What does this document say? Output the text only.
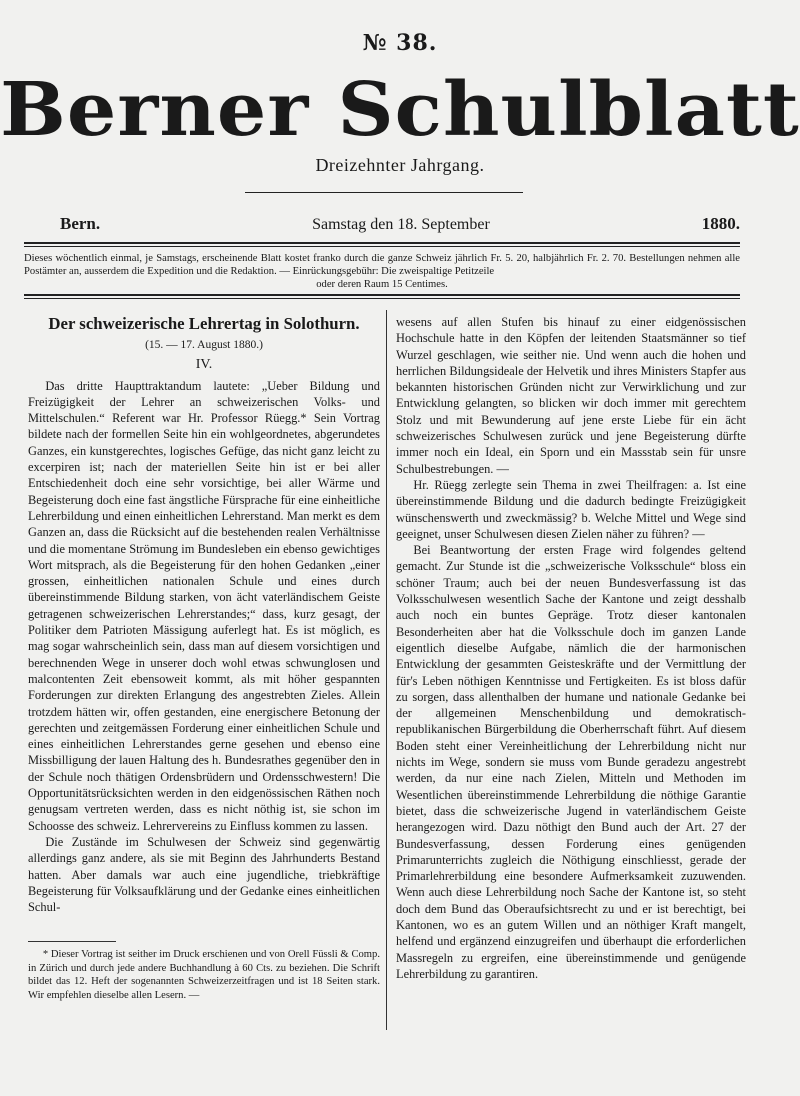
№ 38.
Berner Schulblatt
Dreizehnter Jahrgang.
Bern.	Samstag den 18. September	1880.
Dieses wöchentlich einmal, je Samstags, erscheinende Blatt kostet franko durch die ganze Schweiz jährlich Fr. 5. 20, halbjährlich Fr. 2. 70. Bestellungen nehmen alle Postämter an, ausserdem die Expedition und die Redaktion. — Einrückungsgebühr: Die zweispaltige Petitzeile
oder deren Raum 15 Centimes.
Der schweizerische Lehrertag in Solothurn.
(15. — 17. August 1880.)
IV.

Das dritte Haupttraktandum lautete: „Ueber Bildung und Freizügigkeit der Lehrer an schweizerischen Volks- und Mittelschulen.“ Referent war Hr. Professor Rüegg.* Sein Vortrag bildete nach der formellen Seite hin ein wohlgeordnetes, abgerundetes Ganzes, ein kunstgerechtes, logisches Gefüge, das nicht ganz leicht zu excerpiren ist; nach der materiellen Seite hin ist er bei aller Entschiedenheit doch eine sehr vorsichtige, bei aller Wärme und Begeisterung doch eine fast ängstliche Fürsprache für eine einheitliche Lehrerbildung und einen einheitlichen Lehrerstand. Man merkt es dem Ganzen an, dass die Rücksicht auf die bestehenden realen Verhältnisse und die momentane Strömung im Bundesleben ein ebenso gewichtiges Wort mitsprach, als die Begeisterung für den hohen Gedanken „einer grossen, einheitlichen nationalen Schule und eines durch übereinstimmende Bildung starken, von ächt vaterländischem Geiste getragenen schweizerischen Lehrerstandes;“ dass, kurz gesagt, der Politiker dem Patrioten Mässigung auferlegt hat. Es ist möglich, es mag sogar wahrscheinlich sein, dass man auf diesem vorsichtigen und berechnenden Wege in unserer doch wohl etwas schwunglosen und malcontenten Zeit ebensoweit kommt, als mit höher gespannten Forderungen zur direkten Erlangung des angestrebten Zieles. Allein trotzdem hätten wir, offen gestanden, eine energischere Betonung der gerechten und zeitgemässen Forderung einer einheitlichen Schule und eines einheitlichen Lehrerstandes gerne gesehen und ebenso eine Missbilligung der lauen Haltung des h. Bundesrathes gegenüber den in der Schule noch thätigen Ordensbrüdern und Ordensschwestern! Die Opportunitätsrücksichten werden in den eidgenössischen Räthen noch genugsam vertreten werden, dass es nicht nöthig ist, sie schon im Schoosse des schweiz. Lehrervereins zu Einfluss kommen zu lassen.

Die Zustände im Schulwesen der Schweiz sind gegenwärtig allerdings ganz andere, als sie mit Beginn des Jahrhunderts Bestand hatten. Aber damals war auch eine jugendliche, triebkräftige Begeisterung für Volksaufklärung und der Gedanke eines einheitlichen Schul-

* Dieser Vortrag ist seither im Druck erschienen und von Orell Füssli & Comp. in Zürich und durch jede andere Buchhandlung à 60 Cts. zu beziehen. Die Schrift bildet das 12. Heft der sogenannten Schweizerzeitfragen und ist 18 Seiten stark. Wir empfehlen dieselbe allen Lesern. —

wesens auf allen Stufen bis hinauf zu einer eidgenössischen Hochschule hatte in den Köpfen der leitenden Staatsmänner so tief Wurzel geschlagen, wie seither nie. Und wenn auch die hohen und herrlichen Bildungsideale der Helvetik und ihres Ministers Stapfer aus bekannten historischen Gründen nicht zur Verwirklichung und zur Entwicklung gelangten, so blicken wir doch immer mit gerechtem Stolz und mit Bewunderung auf jene erste Liebe für ein ächt schweizerisches Schulwesen zurück und jene Begeisterung dürfte immer noch ein Ideal, ein Sporn und ein Massstab sein für unsre Schulbestrebungen. —

Hr. Rüegg zerlegte sein Thema in zwei Theilfragen: a. Ist eine übereinstimmende Bildung und die dadurch bedingte Freizügigkeit wünschenswerth und zweckmässig? b. Welche Mittel und Wege sind geeignet, unser Schulwesen diesen Zielen näher zu führen? —

Bei Beantwortung der ersten Frage wird folgendes geltend gemacht. Zur Stunde ist die „schweizerische Volksschule“ bloss ein schöner Traum; auch bei der neuen Bundesverfassung ist das Volksschulwesen wesentlich Sache der Kantone und zeigt desshalb auch noch ein buntes Gepräge. Trotz dieser kantonalen Besonderheiten aber hat die Volksschule doch im ganzen Lande eigentlich dieselbe Aufgabe, nämlich die der harmonischen Entwicklung der gesammten Geisteskräfte und der Vermittlung der für's Leben nöthigen Kenntnisse und Fertigkeiten. Es ist bloss dafür zu sorgen, dass allenthalben der humane und nationale Gedanke bei der allgemeinen Menschenbildung und demokratisch-republikanischen Bürgerbildung die Oberherrschaft führt. Auf diesem Boden steht einer Vereinheitlichung der Lehrerbildung nicht nur nichts im Wege, sondern sie muss vom Bunde geradezu angestrebt werden, da nur eine nach Zielen, Mitteln und Methoden im Wesentlichen übereinstimmende Lehrerbildung die nöthige Garantie bietet, dass die schweizerische Jugend in vaterländischem Geiste herangezogen wird. Dazu nöthigt den Bund auch der Art. 27 der Bundesverfassung, dessen Forderung eines genügenden Primarunterrichts zugleich die Nöthigung einschliesst, gerade der Primarlehrerbildung eine besondere Aufmerksamkeit zuzuwenden. Wenn auch diese Lehrerbildung noch Sache der Kantone ist, so steht doch dem Bund das Oberaufsichtsrecht zu und er ist berechtigt, bei Kantonen, wo es an gutem Willen und an nöthiger Kraft mangelt, helfend und ergänzend einzugreifen und überhaupt die erforderlichen Massregeln zu ergreifen, eine übereinstimmende und genügende Lehrerbildung zu garantiren.
